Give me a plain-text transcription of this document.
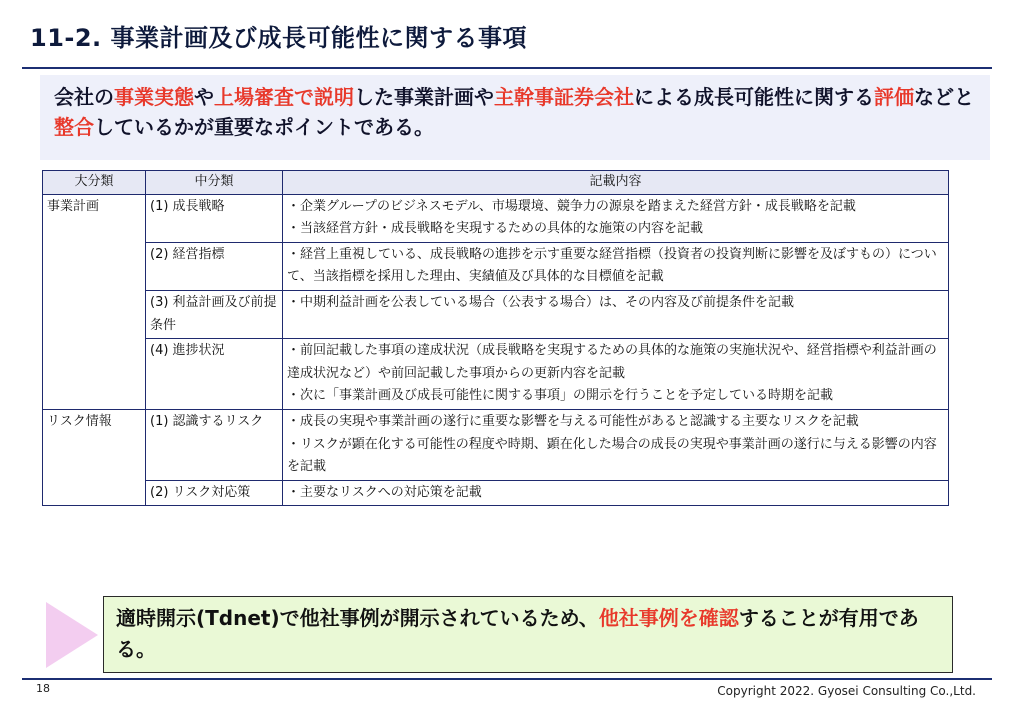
11-2. 事業計画及び成長可能性に関する事項
会社の事業実態や上場審査で説明した事業計画や主幹事証券会社による成長可能性に関する評価などと整合しているかが重要なポイントである。
大分類	中分類	記載内容
事業計画	(1) 成長戦略	・企業グループのビジネスモデル、市場環境、競争力の源泉を踏まえた経営方針・成長戦略を記載
・当該経営方針・成長戦略を実現するための具体的な施策の内容を記載

	(2) 経営指標	・経営上重視している、成長戦略の進捗を示す重要な経営指標（投資者の投資判断に影響を及ぼすもの）について、当該指標を採用した理由、実績値及び具体的な目標値を記載

	(3) 利益計画及び前提条件	・中期利益計画を公表している場合（公表する場合）は、その内容及び前提条件を記載

	(4) 進捗状況	・前回記載した事項の達成状況（成長戦略を実現するための具体的な施策の実施状況や、経営指標や利益計画の達成状況など）や前回記載した事項からの更新内容を記載
・次に「事業計画及び成長可能性に関する事項」の開示を行うことを予定している時期を記載

リスク情報	(1) 認識するリスク	・成長の実現や事業計画の遂行に重要な影響を与える可能性があると認識する主要なリスクを記載
・リスクが顕在化する可能性の程度や時期、顕在化した場合の成長の実現や事業計画の遂行に与える影響の内容を記載

	(2) リスク対応策	・主要なリスクへの対応策を記載
適時開示(Tdnet)で他社事例が開示されているため、他社事例を確認することが有用である。
18	Copyright 2022. Gyosei Consulting Co.,Ltd.
